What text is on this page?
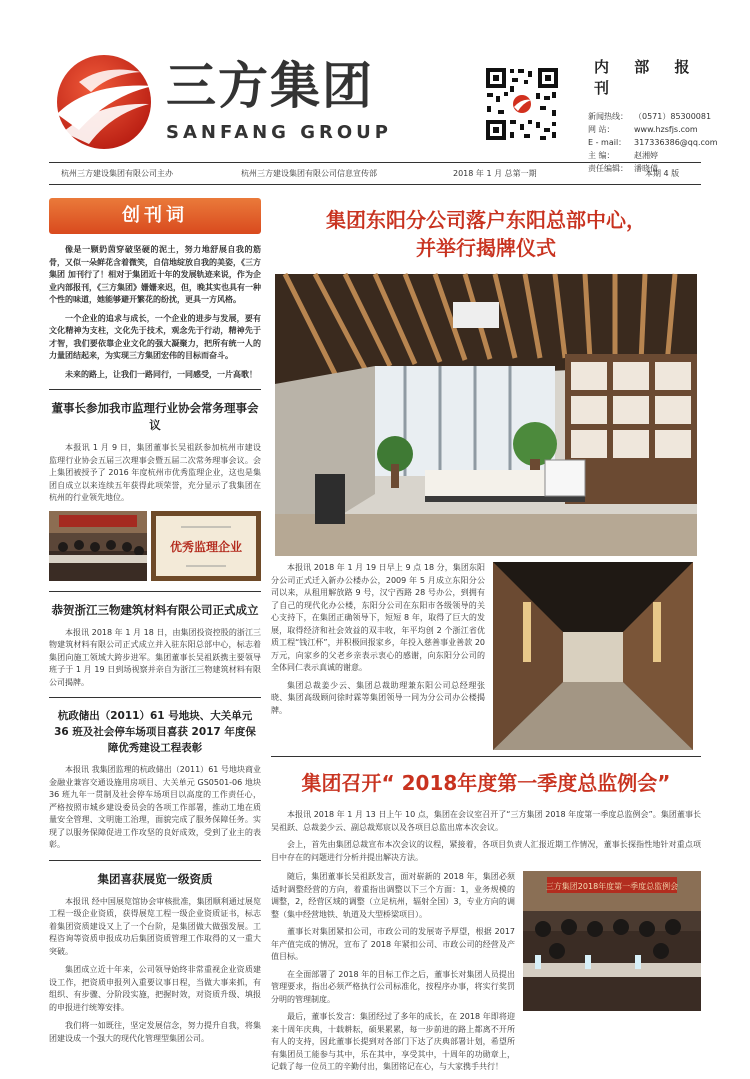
三方集团
SANFANG GROUP
内 部 报 刊
新闻热线： （0571）85300081
网 站： www.hzsfjs.com
E - mail： 317336386@qq.com
主 编： 赵湘婷
责任编辑： 潘晓倩
杭州三方建设集团有限公司主办	杭州三方建设集团有限公司信息宣传部	2018 年 1 月 总第一期	本期 4 版
创刊词

像是一颗奶茵穿破坚硬的泥土，努力地舒展自我的筋骨，又似一朵鲜花含着微笑，自信地绽放自我的美姿，《三方集团 加刊行了！相对于集团近十年的发展轨迹来说，作为企业内部报刊，《三方集团》姗姗来迟，但，晚其实也具有一种个性的味道，她能够避开繁花的纷扰，更具一方风格。

一个企业的追求与成长，一个企业的进步与发展，要有文化精神为支柱，文化先于技术，观念先于行动，精神先于才智，我们要依靠企业文化的强大凝聚力，把所有统一人的力量团结起来，为实现三方集团宏伟的目标而奋斗。

未来的路上，让我们一路同行，一同感受，一片高歌！

董事长参加我市监理行业协会常务理事会议

本报讯 1 月 9 日，集团董事长吴祖跃参加杭州市建设监理行业协会五届三次理事会暨五届二次常务理事会议。会上集团被授予了 2016 年度杭州市优秀监理企业，这也是集团自成立以来连续五年获得此项荣誉，充分显示了我集团在杭州的行业领先地位。

优秀监理企业
恭贺浙江三物建筑材料有限公司正式成立

本报讯 2018 年 1 月 18 日，由集团投资控股的浙江三物建筑材料有限公司正式成立并入驻东阳总部中心，标志着集团向施工领域大跨步进军。集团董事长吴祖跃携主要领导班子于 1 月 19 日到场视察并亲自为浙江三物建筑材料有限公司揭牌。

杭政储出（2011）61 号地块、大关单元 36 班及社会停车场项目喜获 2017 年度保障优秀建设工程表彰

本报讯 我集团监理的杭政储出（2011）61 号地块商业金融业兼容交通设施用房项目、大关单元 GS0501-06 地块 36 班九年一贯制及社会停车场项目以高度的工作责任心，严格按照市城乡建设委员会的各项工作部署，推动工地在质量安全管理、文明施工治理，面貌完成了服务保障任务。实现了以服务保障促进工作攻坚的良好成效，受到了业主的表彰。

集团喜获展览一级资质

本报讯 经中国展览馆协会审核批准，集团顺利通过展览工程一级企业资质，获得展览工程一级企业资质证书，标志着集团资质建设又上了一个台阶，是集团做大做强发展。工程咨询等资质申报成功后集团资质管理工作取得的又一重大突破。

集团成立近十年来，公司领导始终非常重视企业资质建设工作，把资质申报列入重要议事日程，当做大事来抓，有组织、有步骤、分阶段实施，把握时效，对资质升级、填报的申报进行统筹安排。

我们将一如既往，坚定发展信念，努力提升自我，将集团建设成一个强大的现代化管理型集团公司。

集团东阳分公司落户东阳总部中心，
并举行揭牌仪式

本报讯 2018 年 1 月 19 日早上 9 点 18 分，集团东阳分公司正式迁入新办公楼办公，2009 年 5 月成立东阳分公司以来，从租用解放路 9 号，汉宁西路 28 号办公，到拥有了自己的现代化办公楼，东阳分公司在东阳市各级领导的关心支持下，在集团正确领导下，短短 8 年，取得了巨大的发展，取得经济和社会效益的双丰收，年平均创 2 个浙江省优质工程“钱江杯”，并积极回报家乡，年投入慈善事业善款 20 万元，向家乡的父老乡亲表示衷心的感谢，向东阳分公司的全体同仁表示真诚的谢意。

集团总裁姜少云、集团总裁助理兼东阳公司总经理张晓、集团高级顾问徐时霖等集团领导一同为分公司办公楼揭牌。

集团召开“ 2018年度第一季度总监例会”

本报讯 2018 年 1 月 13 日上午 10 点，集团在会议室召开了“三方集团 2018 年度第一季度总监例会”。集团董事长吴祖跃、总裁姜少云、副总裁郑宸以及各项目总监出席本次会议。

会上，首先由集团总裁宣布本次会议的议程，紧接着，各项目负责人汇报近期工作情况，董事长探指性地针对重点项目中存在的问题进行分析并提出解决方法。

随后，集团董事长吴祖跃发言，面对崭新的 2018 年，集团必须适时调整经营的方向，着重指出调整以下三个方面：1，业务规模的调整，2，经营区域的调整（立足杭州，辐射全国）3，专业方向的调整（集中经营地铁、轨道及大型桥梁项目）。

董事长对集团紧扣公司，市政公司的发展寄予厚望，根据 2017 年产值完成的情况，宣布了 2018 年紧扣公司、市政公司的经营及产值目标。

在全面部署了 2018 年的目标工作之后，董事长对集团人员提出管理要求，指出必须严格执行公司标准化，按程序办事，将实行奖罚分明的管理制度。

最后，董事长发言：集团经过了多年的成长，在 2018 年即将迎来十周年庆典，十载耕耘，硕果累累，每一步前进的路上都离不开所有人的支持，因此董事长提到对各部门下达了庆典部署计划，希望所有集团员工能参与其中，乐在其中，享受其中，十周年的功勋章上，记载了每一位员工的辛勤付出，集团铭记在心，与大家携手共行！

三方集团2018年度第一季度总监例会
